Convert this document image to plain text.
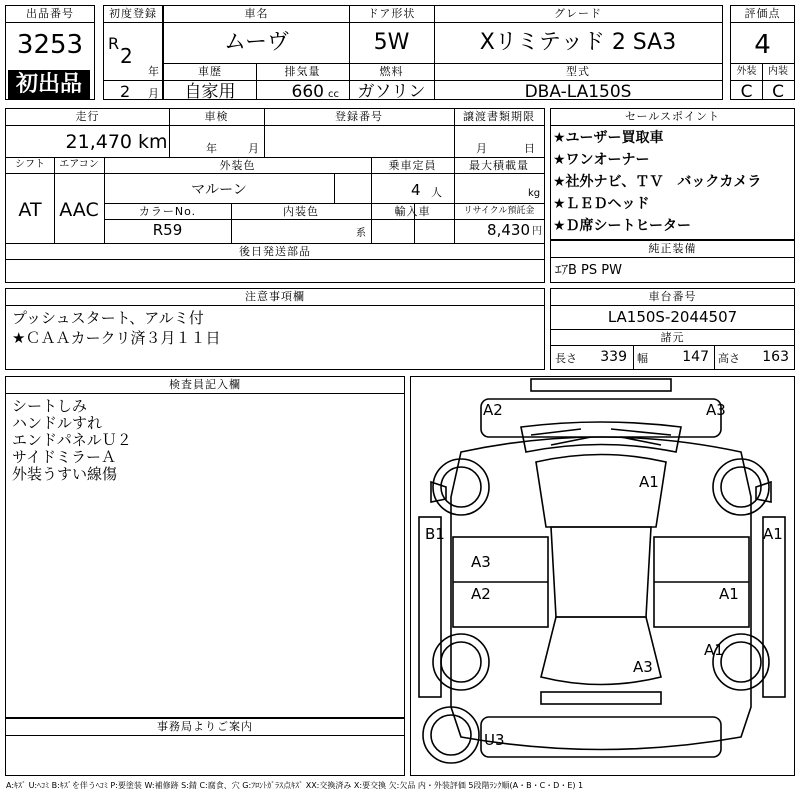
出品番号
3253
初出品
初度登録
R
2
年
2 月
車名
ムーヴ
ドア形状
5W
グレード
Xリミテッド 2 SA3
車歴
自家用
排気量
660 cc
燃料
ガソリン
型式
DBA-LA150S
評価点
4
外装	内装
C	C
走行
21,470 km
車検
年	月
登録番号	譲渡書類期限
月	日
シフト
AT
エアコン
AAC
外装色
マルーン
乗車定員
4 人
最大積載量
kg
カラーNo.
R59
内装色
系
輸入車	リサイクル預託金
8,430 円
後日発送部品
セールスポイント
★ユーザー買取車
★ワンオーナー
★社外ナビ、ＴＶ　バックカメラ
★ＬＥＤヘッド
★Ｄ席シートヒーター
純正装備
ｴｱB PS PW
注意事項欄
プッシュスタート、アルミ付
★ＣＡＡカークリ済３月１１日
車台番号
LA150S-2044507
諸元
長さ	339 幅	147 高さ	163
検査員記入欄
シートしみ
ハンドルすれ
エンドパネルＵ２
サイドミラーＡ
外装うすい線傷
事務局よりご案内
A2	A3
A1
B1	A1
A3
A2	A1
A1
A3
U3
A:ｷｽﾞ U:ﾍｺﾐ B:ｷｽﾞを伴うﾍｺﾐ P:要塗装 W:補修跡 S:錆 C:腐食、穴 G:ﾌﾛﾝﾄｶﾞﾗｽ点ｷｽﾞ XX:交換済み X:要交換 欠:欠品 内・外装評価 5段階ﾗﾝｸ順(A・B・C・D・E) 1
